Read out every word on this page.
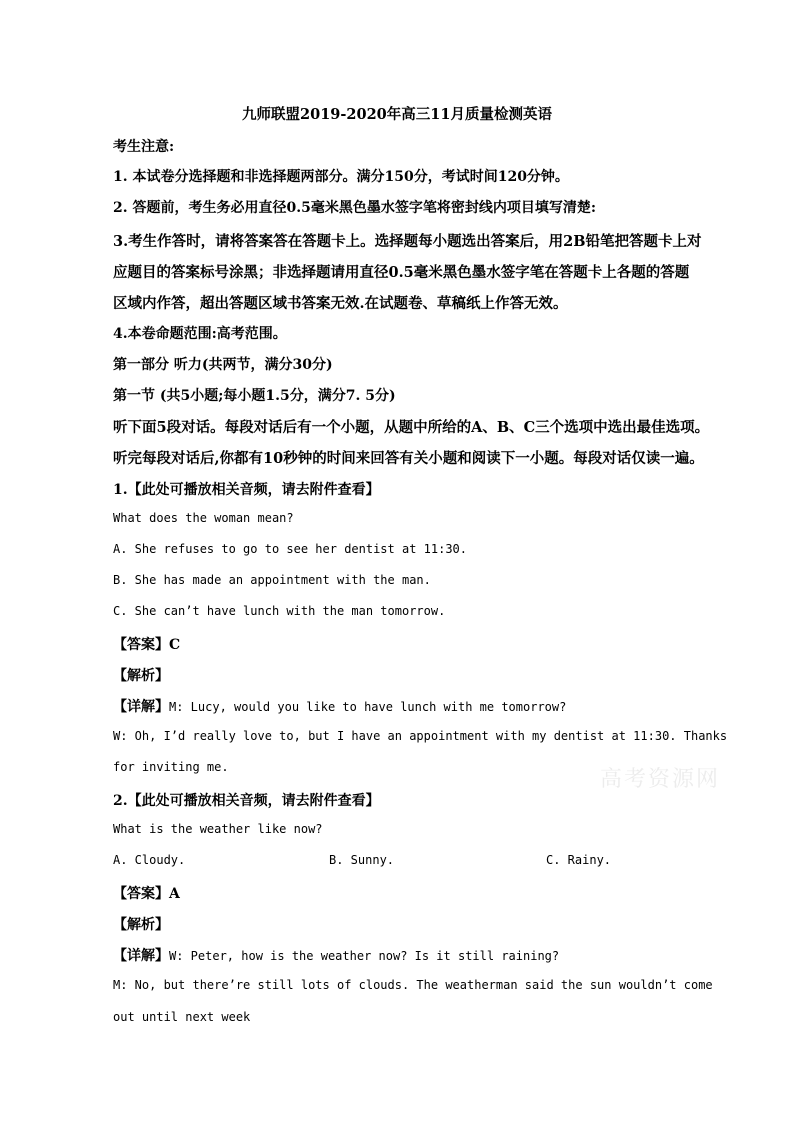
九师联盟2019-2020年高三11月质量检测英语
考生注意:
1. 本试卷分选择题和非选择题两部分。满分150分，考试时间120分钟。
2. 答题前，考生务必用直径0.5毫米黑色墨水签字笔将密封线内项目填写清楚:
3.考生作答时，请将答案答在答题卡上。选择题每小题选出答案后，用2B铅笔把答题卡上对
应题目的答案标号涂黑；非选择题请用直径0.5毫米黑色墨水签字笔在答题卡上各题的答题
区域内作答，超出答题区域书答案无效.在试题卷、草稿纸上作答无效。
4.本卷命题范围:高考范围。
第一部分 听力(共两节，满分30分)
第一节 (共5小题;每小题1.5分，满分7. 5分)
听下面5段对话。每段对话后有一个小题，从题中所给的A、B、C三个选项中选出最佳选项。
听完每段对话后,你都有10秒钟的时间来回答有关小题和阅读下一小题。每段对话仅读一遍。
1.【此处可播放相关音频，请去附件查看】
What does the woman mean?
A. She refuses to go to see her dentist at 11:30.
B. She has made an appointment with the man.
C. She can’t have lunch with the man tomorrow.
【答案】C
【解析】
【详解】M: Lucy, would you like to have lunch with me tomorrow?
W: Oh, I’d really love to, but I have an appointment with my dentist at 11:30. Thanks
for inviting me.
2.【此处可播放相关音频，请去附件查看】
What is the weather like now?
A. Cloudy.	B. Sunny.	C. Rainy.
【答案】A
【解析】
【详解】W: Peter, how is the weather now? Is it still raining?
M: No, but there’re still lots of clouds. The weatherman said the sun wouldn’t come
out until next week
高考资源网
